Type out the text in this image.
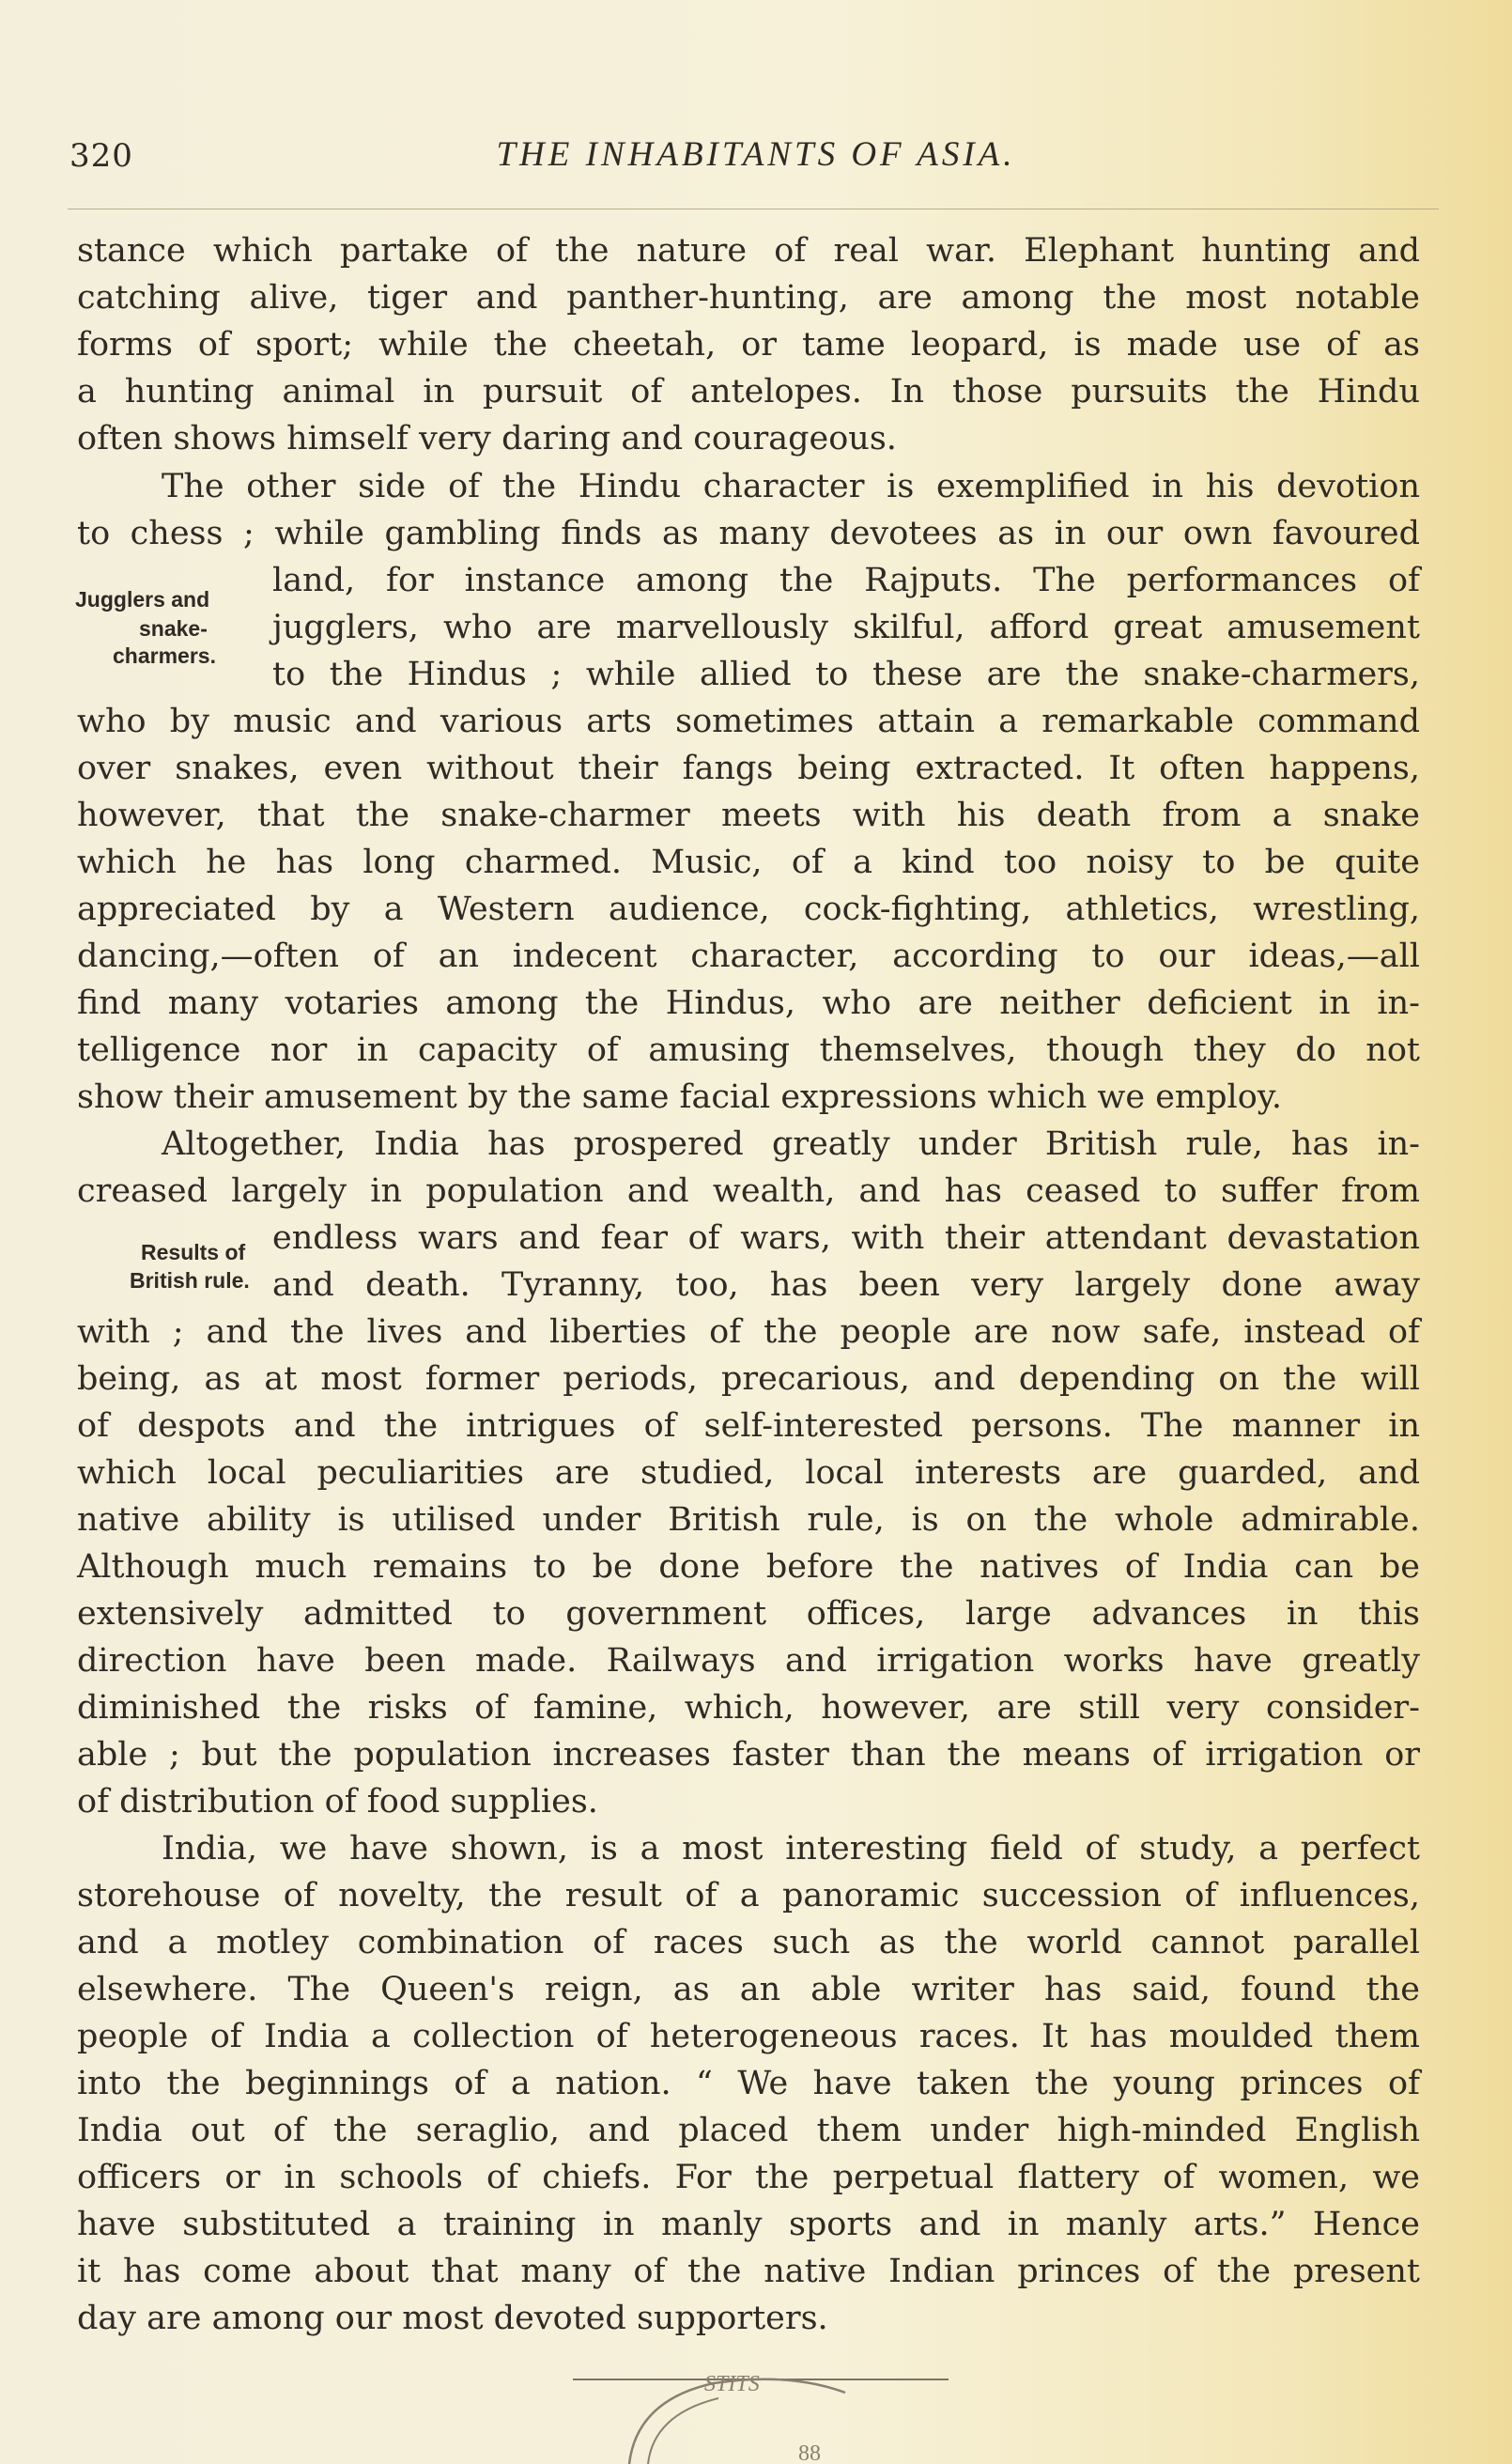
320	THE INHABITANTS OF ASIA.
stance which partake of the nature of real war. Elephant hunting and
catching alive, tiger and panther-hunting, are among the most notable
forms of sport; while the cheetah, or tame leopard, is made use of as
a hunting animal in pursuit of antelopes. In those pursuits the Hindu
often shows himself very daring and courageous.
The other side of the Hindu character is exemplified in his devotion
to chess ; while gambling finds as many devotees as in our own favoured
land, for instance among the Rajputs. The performances of
jugglers, who are marvellously skilful, afford great amusement
to the Hindus ; while allied to these are the snake-charmers,
who by music and various arts sometimes attain a remarkable command
over snakes, even without their fangs being extracted. It often happens,
however, that the snake-charmer meets with his death from a snake
which he has long charmed. Music, of a kind too noisy to be quite
appreciated by a Western audience, cock-fighting, athletics, wrestling,
dancing,—often of an indecent character, according to our ideas,—all
find many votaries among the Hindus, who are neither deficient in in-
telligence nor in capacity of amusing themselves, though they do not
show their amusement by the same facial expressions which we employ.
Altogether, India has prospered greatly under British rule, has in-
creased largely in population and wealth, and has ceased to suffer from
endless wars and fear of wars, with their attendant devastation
and death. Tyranny, too, has been very largely done away
with ; and the lives and liberties of the people are now safe, instead of
being, as at most former periods, precarious, and depending on the will
of despots and the intrigues of self-interested persons. The manner in
which local peculiarities are studied, local interests are guarded, and
native ability is utilised under British rule, is on the whole admirable.
Although much remains to be done before the natives of India can be
extensively admitted to government offices, large advances in this
direction have been made. Railways and irrigation works have greatly
diminished the risks of famine, which, however, are still very consider-
able ; but the population increases faster than the means of irrigation or
of distribution of food supplies.
India, we have shown, is a most interesting field of study, a perfect
storehouse of novelty, the result of a panoramic succession of influences,
and a motley combination of races such as the world cannot parallel
elsewhere. The Queen's reign, as an able writer has said, found the
people of India a collection of heterogeneous races. It has moulded them
into the beginnings of a nation. “ We have taken the young princes of
India out of the seraglio, and placed them under high-minded English
officers or in schools of chiefs. For the perpetual flattery of women, we
have substituted a training in manly sports and in manly arts.” Hence
it has come about that many of the native Indian princes of the present
day are among our most devoted supporters.
Jugglers and
snake-
charmers.
Results of
British rule.
STITS
88
